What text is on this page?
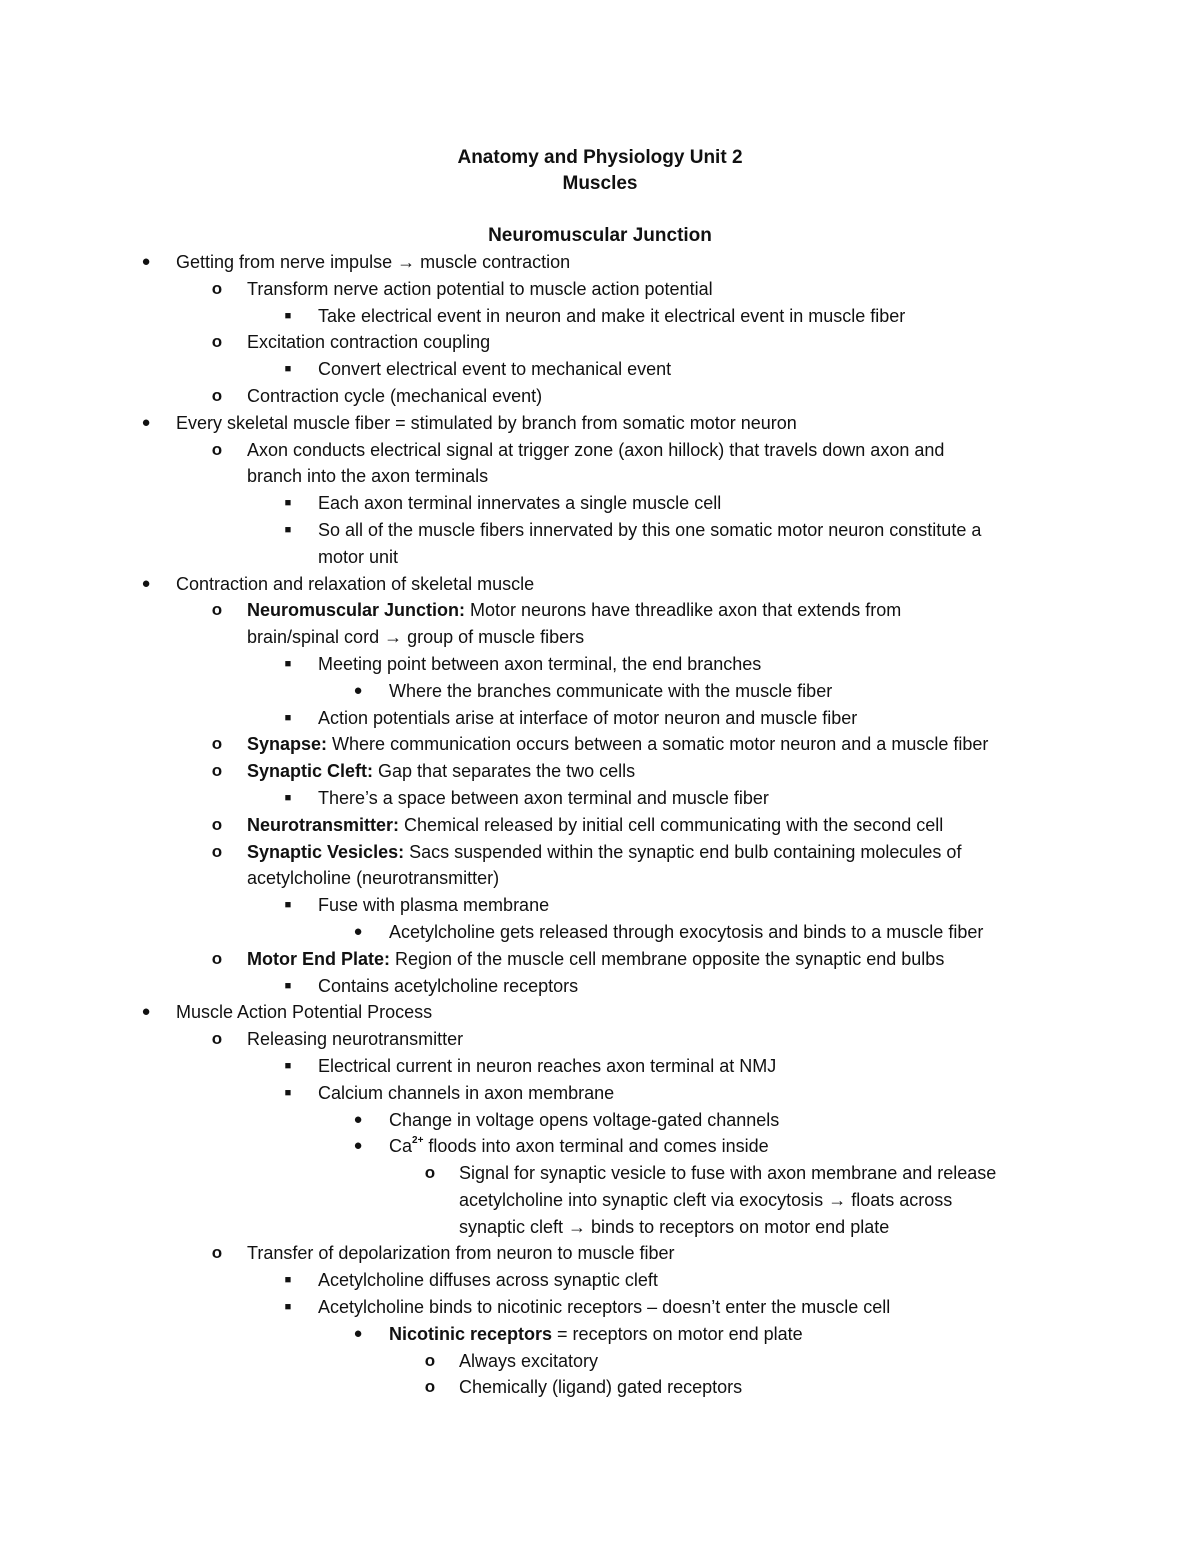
Anatomy and Physiology Unit 2
Muscles
Neuromuscular Junction
●	Getting from nerve impulse → muscle contraction
o Transform nerve action potential to muscle action potential
■	Take electrical event in neuron and make it electrical event in muscle fiber
o Excitation contraction coupling
■	Convert electrical event to mechanical event
o Contraction cycle (mechanical event)
●	Every skeletal muscle fiber = stimulated by branch from somatic motor neuron
o Axon conducts electrical signal at trigger zone (axon hillock) that travels down axon and
branch into the axon terminals
■	Each axon terminal innervates a single muscle cell
■	So all of the muscle fibers innervated by this one somatic motor neuron constitute a
motor unit
●	Contraction and relaxation of skeletal muscle
o Neuromuscular Junction: Motor neurons have threadlike axon that extends from
brain/spinal cord → group of muscle fibers
■	Meeting point between axon terminal, the end branches
●	Where the branches communicate with the muscle fiber
■	Action potentials arise at interface of motor neuron and muscle fiber
o Synapse: Where communication occurs between a somatic motor neuron and a muscle fiber
o Synaptic Cleft: Gap that separates the two cells
■	There’s a space between axon terminal and muscle fiber
o Neurotransmitter: Chemical released by initial cell communicating with the second cell
o Synaptic Vesicles: Sacs suspended within the synaptic end bulb containing molecules of
acetylcholine (neurotransmitter)
■	Fuse with plasma membrane
●	Acetylcholine gets released through exocytosis and binds to a muscle fiber
o Motor End Plate: Region of the muscle cell membrane opposite the synaptic end bulbs
■	Contains acetylcholine receptors
●	Muscle Action Potential Process
o Releasing neurotransmitter
■	Electrical current in neuron reaches axon terminal at NMJ
■	Calcium channels in axon membrane
●	Change in voltage opens voltage-gated channels
●	$Ca^{2+}$ floods into axon terminal and comes inside
o Signal for synaptic vesicle to fuse with axon membrane and release
acetylcholine into synaptic cleft via exocytosis → floats across
synaptic cleft → binds to receptors on motor end plate
o Transfer of depolarization from neuron to muscle fiber
■	Acetylcholine diffuses across synaptic cleft
■	Acetylcholine binds to nicotinic receptors – doesn’t enter the muscle cell
●	Nicotinic receptors = receptors on motor end plate
o Always excitatory
o Chemically (ligand) gated receptors
